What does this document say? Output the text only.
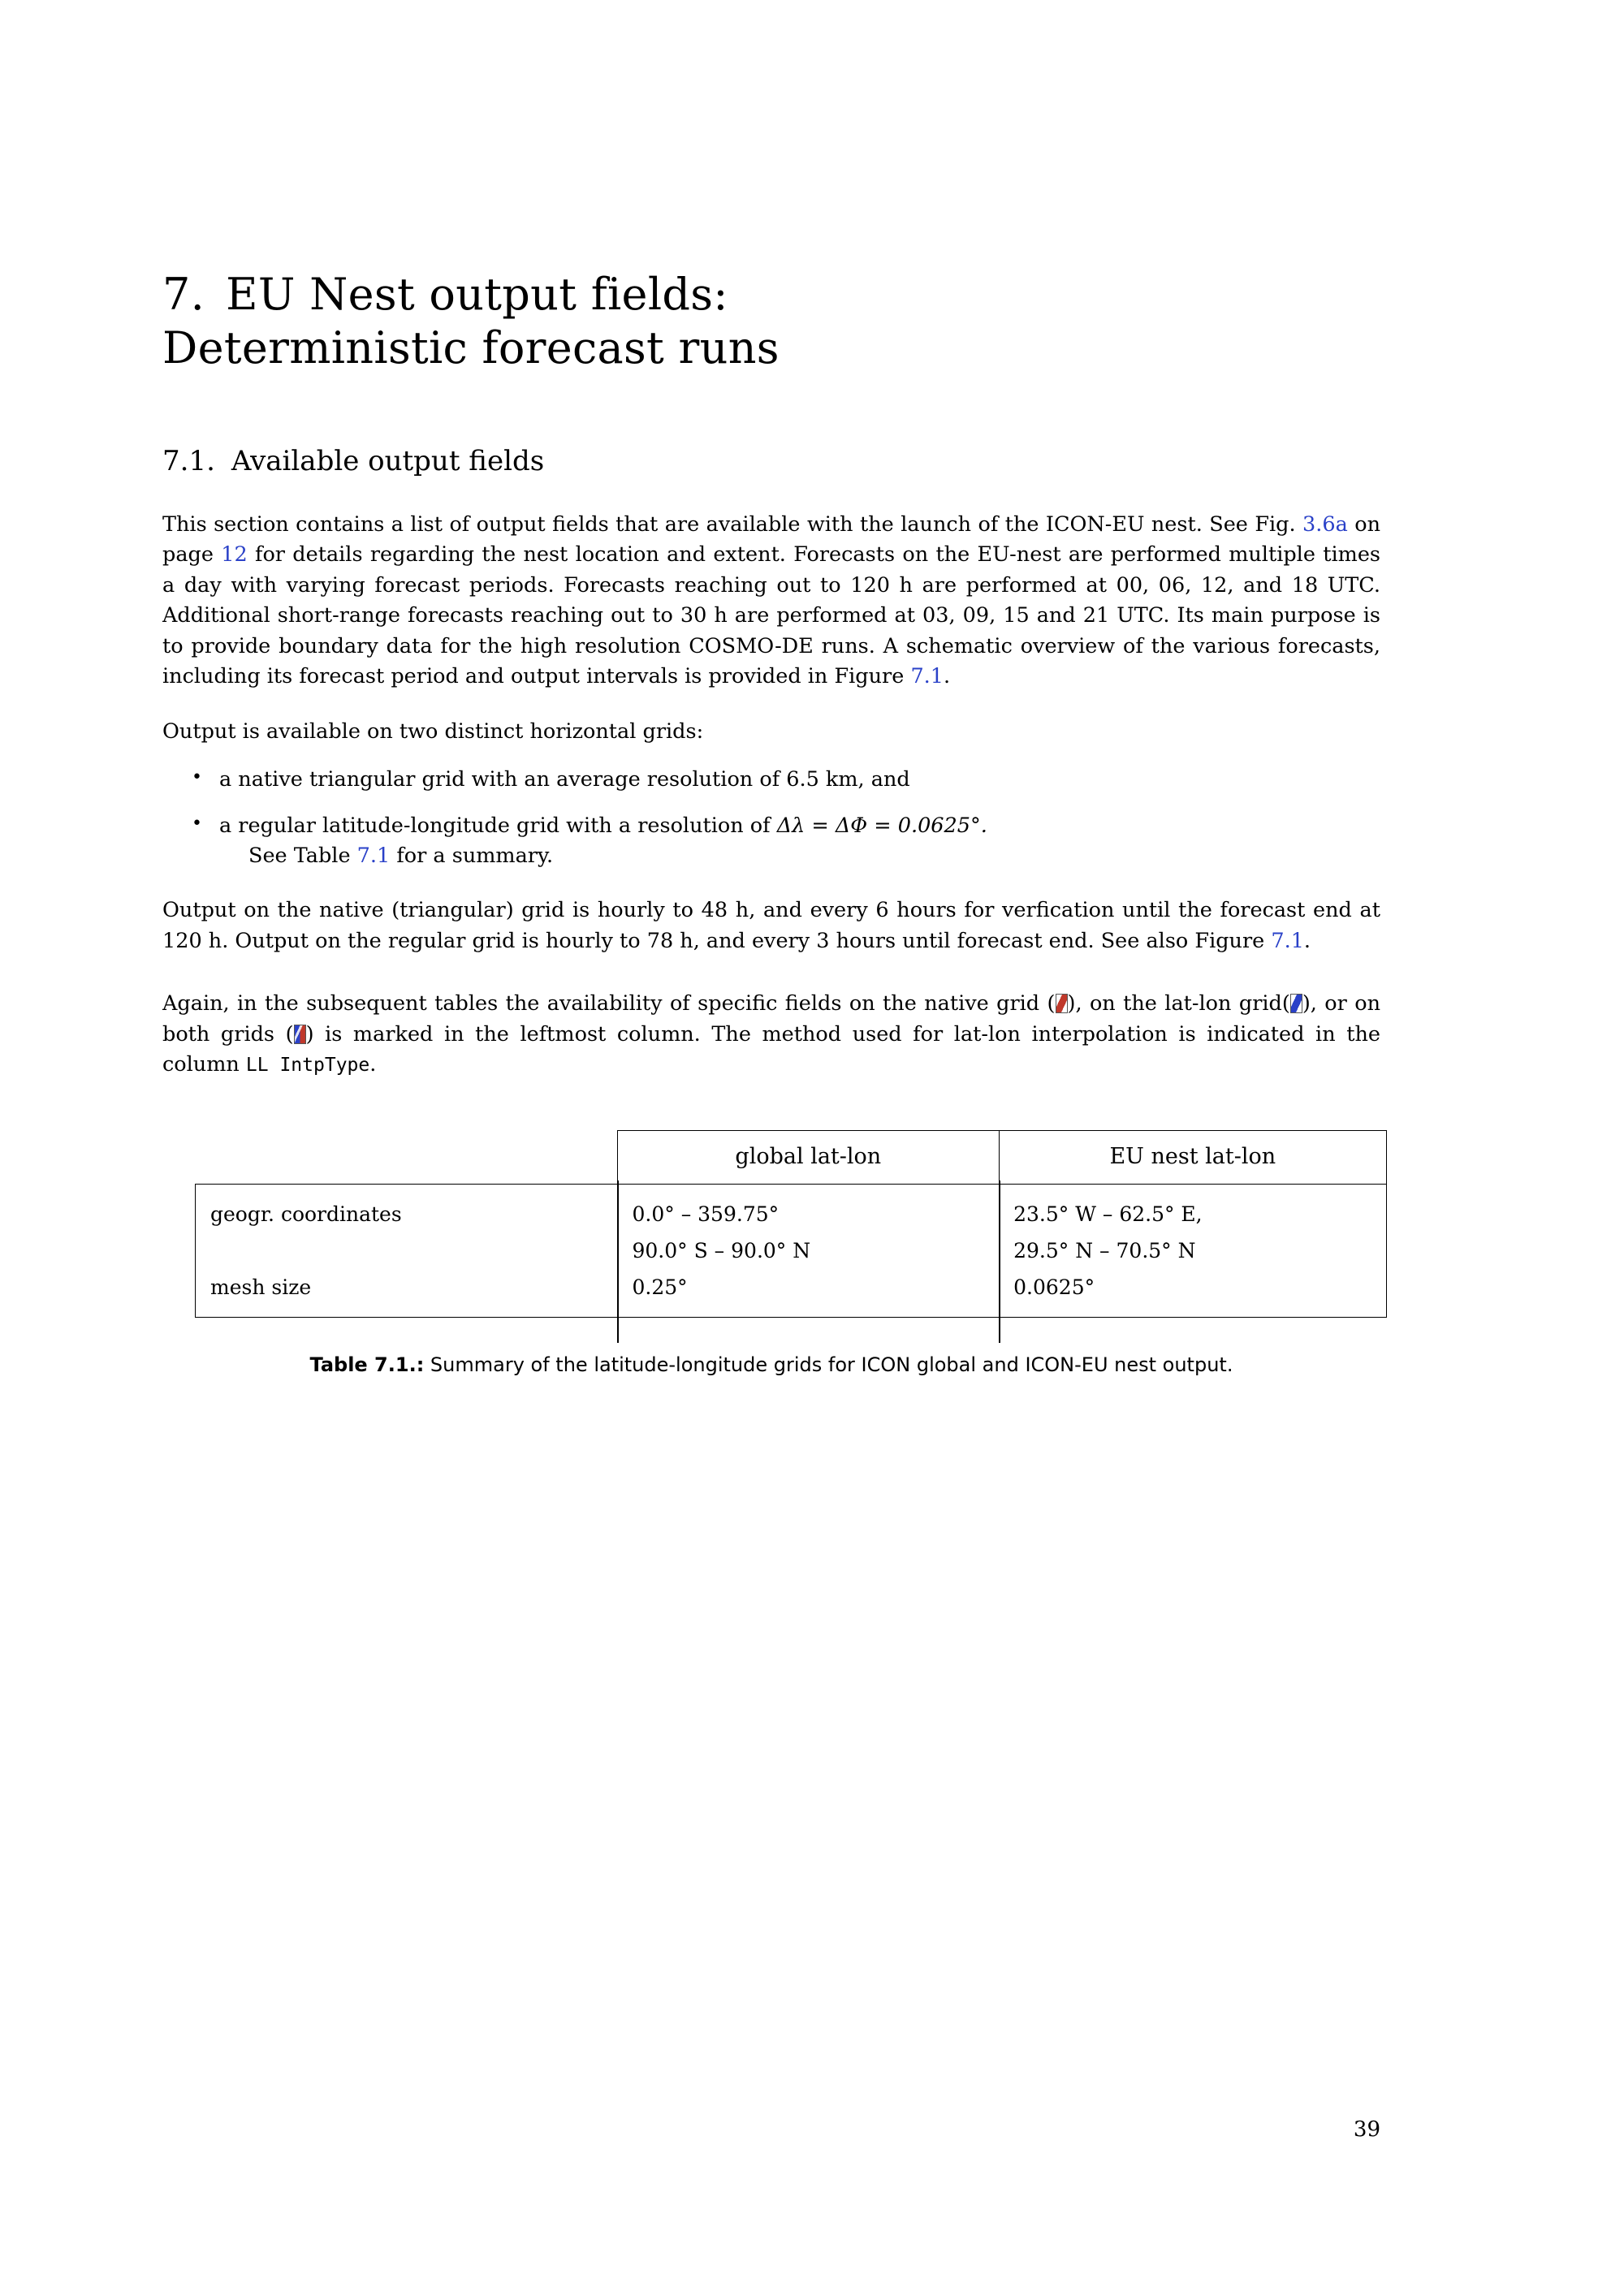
7. EU Nest output fields:
Deterministic forecast runs
7.1. Available output fields

This section contains a list of output fields that are available with the launch of the ICON-EU nest. See Fig. 3.6a on page 12 for details regarding the nest location and extent. Forecasts on the EU-nest are performed multiple times a day with varying forecast periods. Forecasts reaching out to 120 h are performed at 00, 06, 12, and 18 UTC. Additional short-range forecasts reaching out to 30 h are performed at 03, 09, 15 and 21 UTC. Its main purpose is to provide boundary data for the high resolution COSMO-DE runs. A schematic overview of the various forecasts, including its forecast period and output intervals is provided in Figure 7.1.

Output is available on two distinct horizontal grids:

• a native triangular grid with an average resolution of 6.5 km, and
• a regular latitude-longitude grid with a resolution of Δλ = ΔΦ = 0.0625°.
See Table 7.1 for a summary.

Output on the native (triangular) grid is hourly to 48 h, and every 6 hours for verfication until the forecast end at 120 h. Output on the regular grid is hourly to 78 h, and every 3 hours until forecast end. See also Figure 7.1.

Again, in the subsequent tables the availability of specific fields on the native grid ( ), on the lat-lon grid( ), or on both grids ( ) is marked in the leftmost column. The method used for lat-lon interpolation is indicated in the column LL IntpType.

	global lat-lon	EU nest lat-lon
geogr. coordinates	0.0° – 359.75°	23.5° W – 62.5° E,
	90.0° S – 90.0° N	29.5° N – 70.5° N
mesh size	0.25°	0.0625°

Table 7.1.: Summary of the latitude-longitude grids for ICON global and ICON-EU nest output.

39
